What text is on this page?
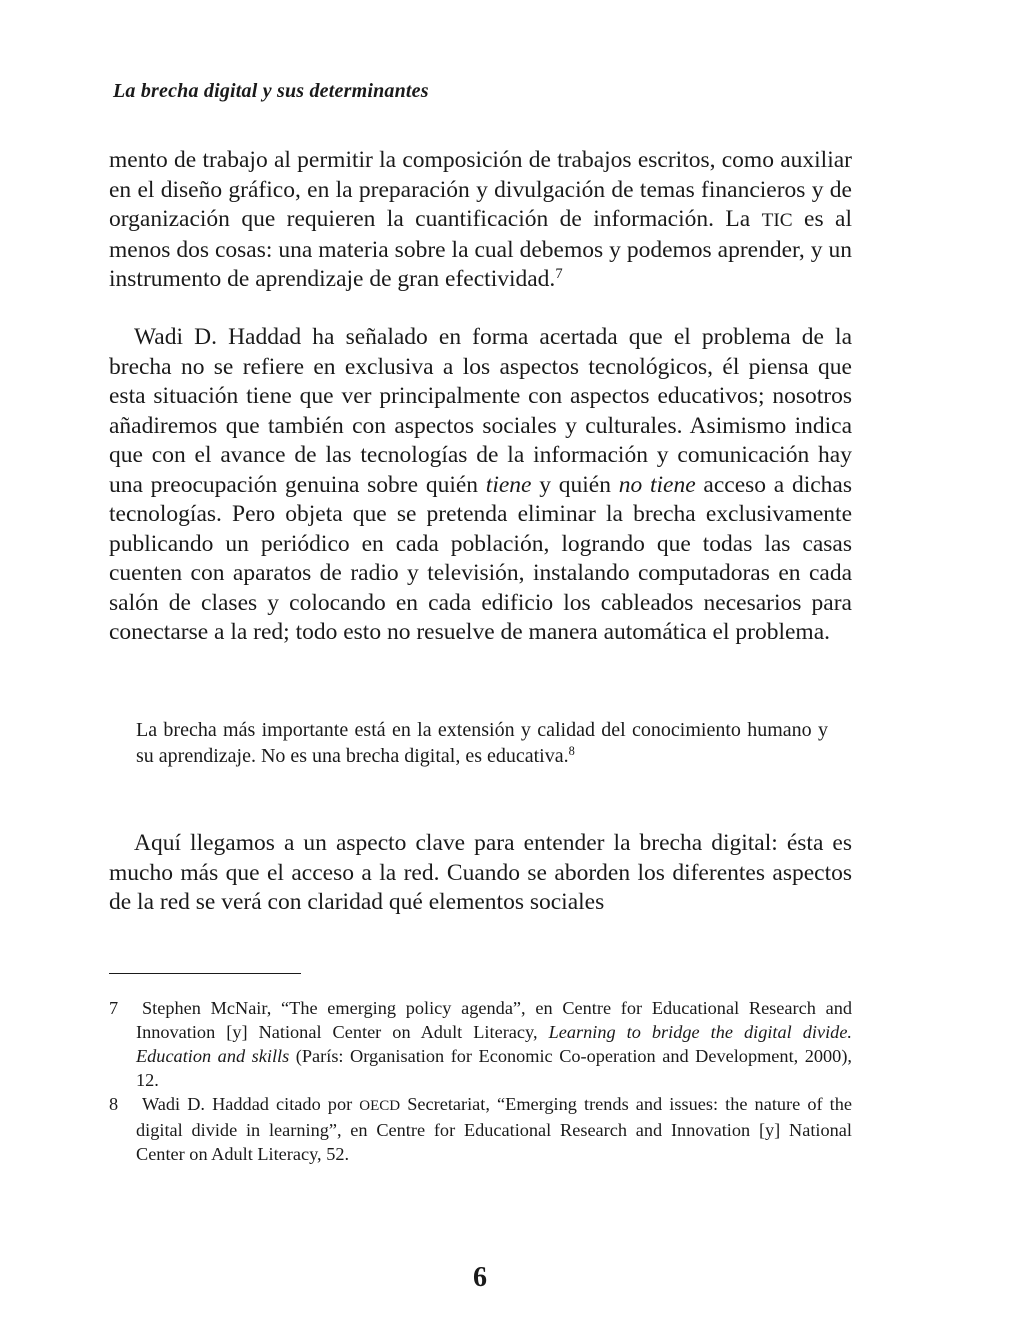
La brecha digital y sus determinantes

mento de trabajo al permitir la composición de trabajos escritos, como auxiliar en el diseño gráfico, en la preparación y divulgación de temas financieros y de organización que requieren la cuantificación de información. La TIC es al menos dos cosas: una materia sobre la cual debemos y podemos aprender, y un instrumento de aprendizaje de gran efectividad.$^7$

Wadi D. Haddad ha señalado en forma acertada que el problema de la brecha no se refiere en exclusiva a los aspectos tecnológicos, él piensa que esta situación tiene que ver principalmente con aspectos educativos; nosotros añadiremos que también con aspectos sociales y culturales. Asimismo indica que con el avance de las tecnologías de la información y comunicación hay una preocupación genuina sobre quién tiene y quién no tiene acceso a dichas tecnologías. Pero objeta que se pretenda eliminar la brecha exclusivamente publicando un periódico en cada población, logrando que todas las casas cuenten con aparatos de radio y televisión, instalando computadoras en cada salón de clases y colocando en cada edificio los cableados necesarios para conectarse a la red; todo esto no resuelve de manera automática el problema.

La brecha más importante está en la extensión y calidad del conocimiento humano y su aprendizaje. No es una brecha digital, es educativa.$^8$

Aquí llegamos a un aspecto clave para entender la brecha digital: ésta es mucho más que el acceso a la red. Cuando se aborden los diferentes aspectos de la red se verá con claridad qué elementos sociales

7	Stephen McNair, “The emerging policy agenda”, en Centre for Educational Research and Innovation [y] National Center on Adult Literacy, Learning to bridge the digital divide. Education and skills (París: Organisation for Economic Co-operation and Development, 2000), 12.
8	Wadi D. Haddad citado por OECD Secretariat, “Emerging trends and issues: the nature of the digital divide in learning”, en Centre for Educational Research and Innovation [y] National Center on Adult Literacy, 52.
6
